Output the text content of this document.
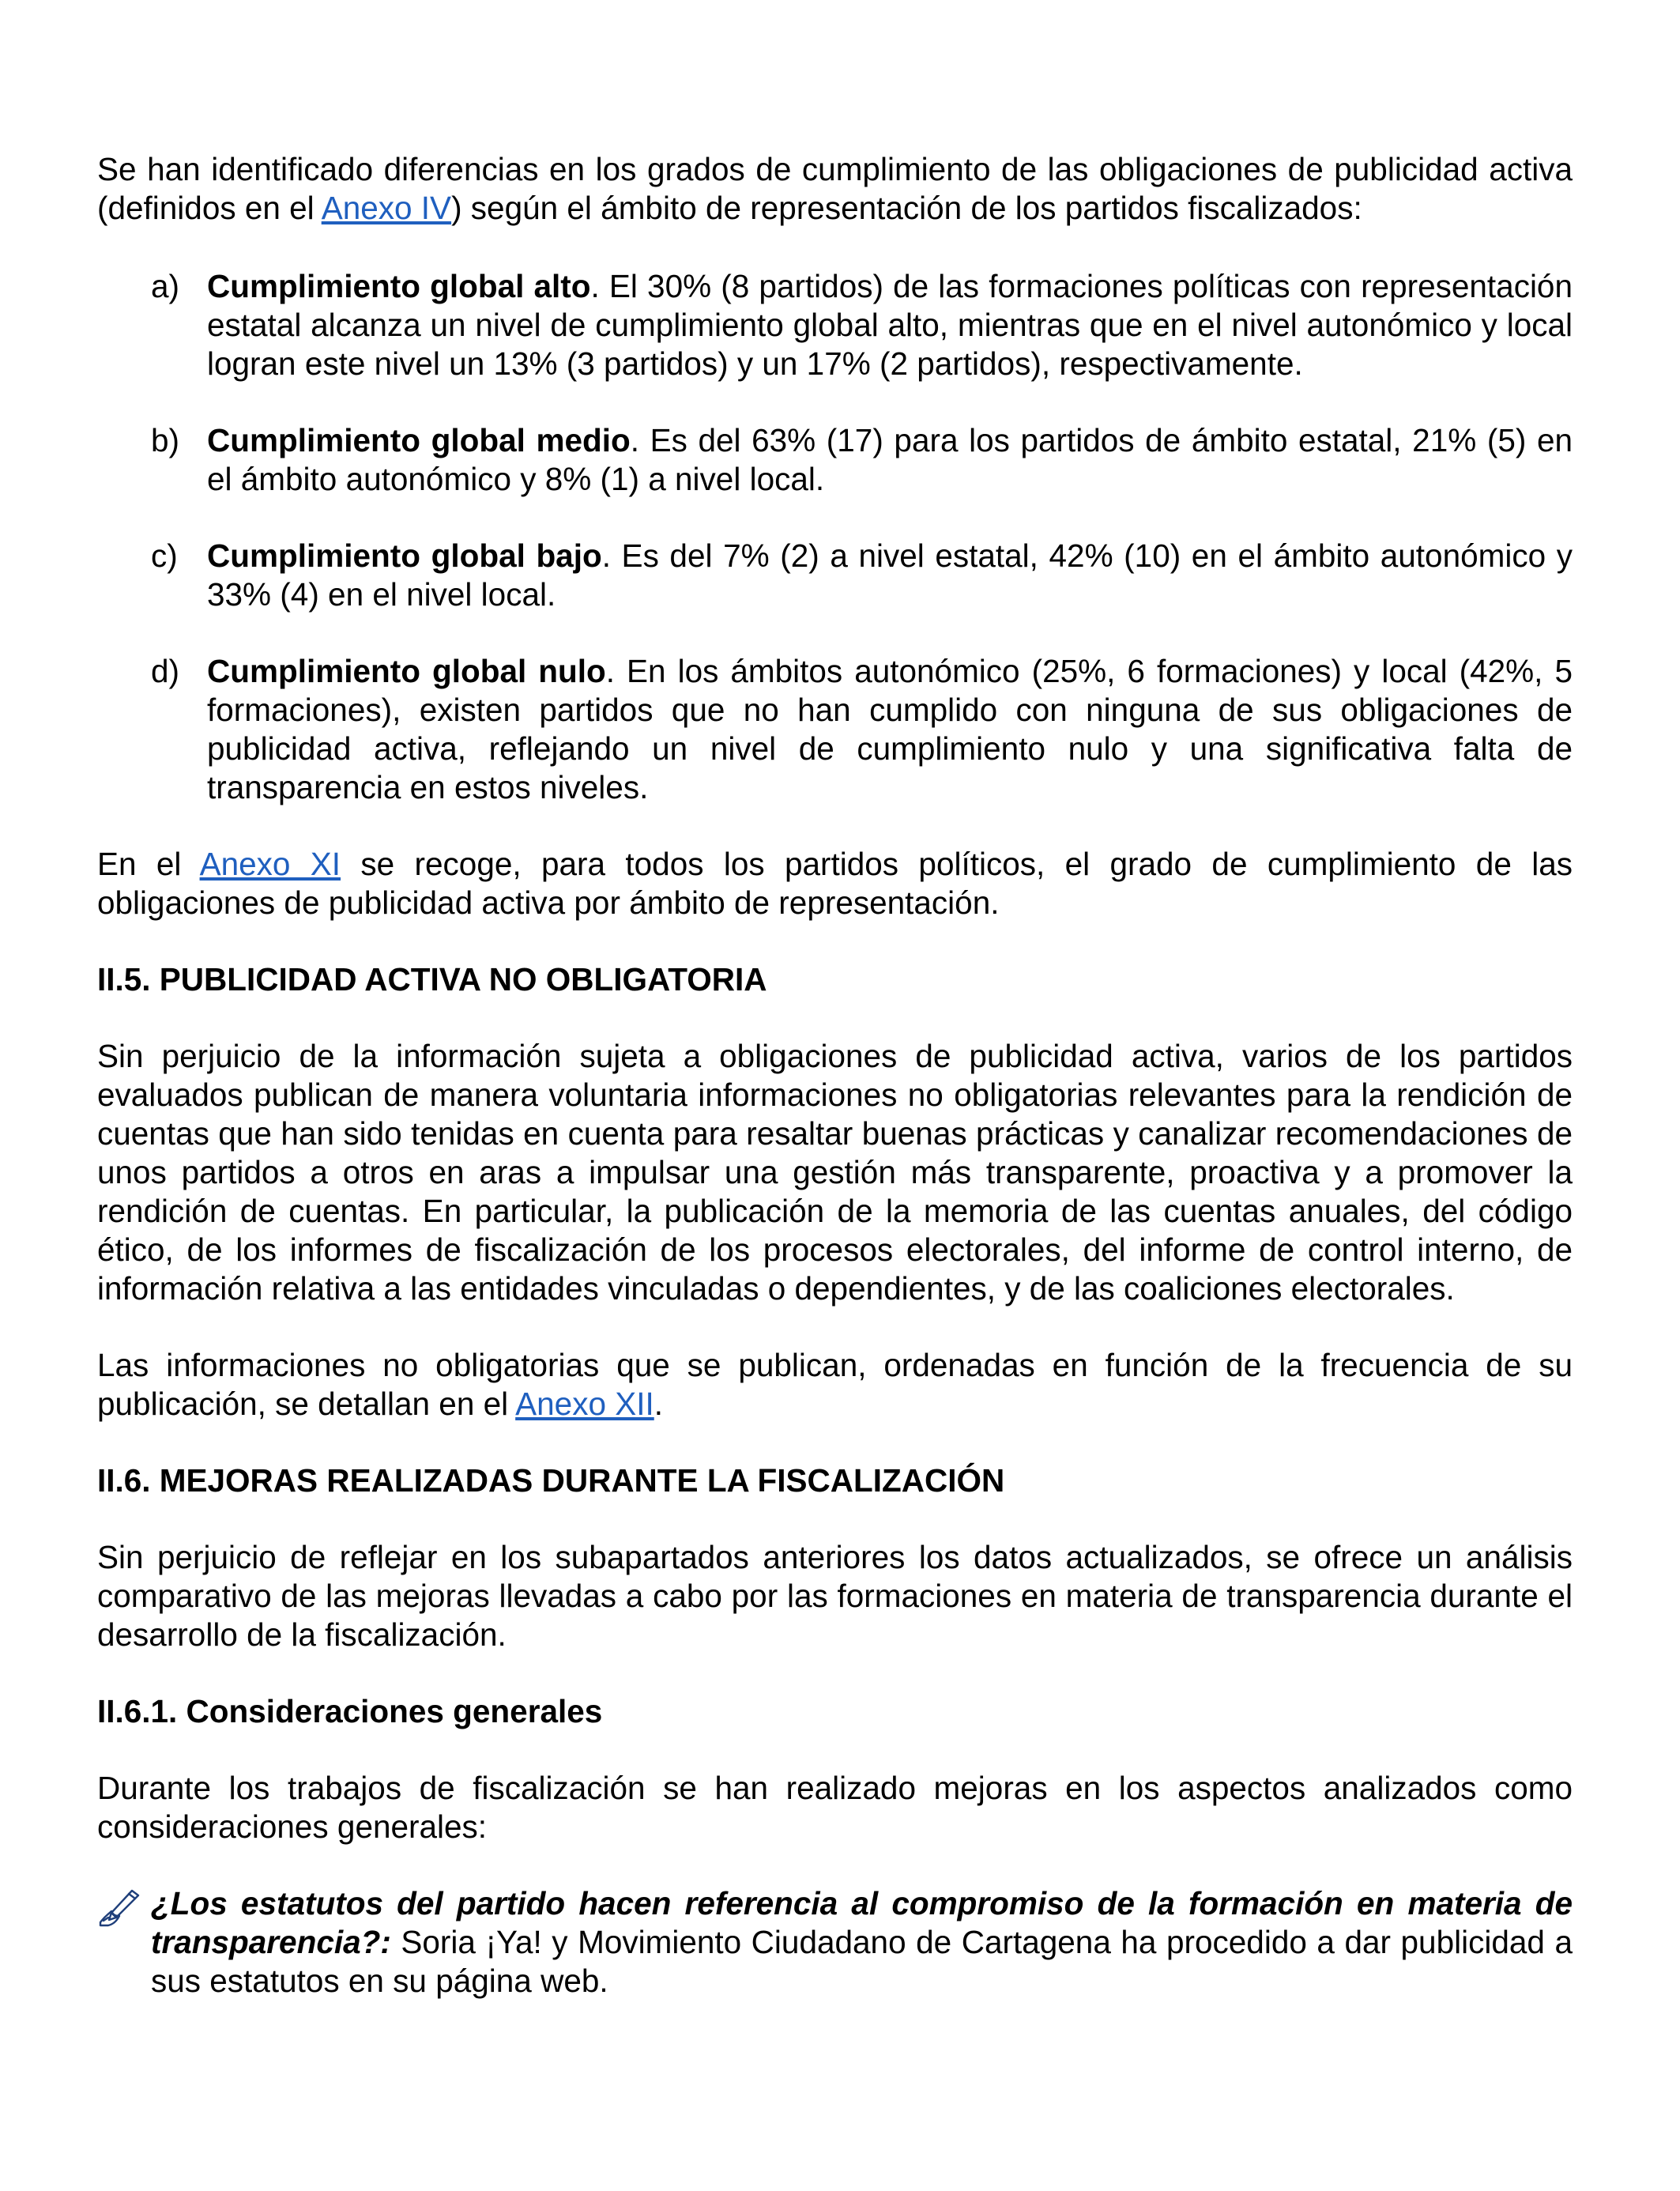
Se han identificado diferencias en los grados de cumplimiento de las obligaciones de publicidad activa (definidos en el Anexo IV) según el ámbito de representación de los partidos fiscalizados:

a) Cumplimiento global alto. El 30% (8 partidos) de las formaciones políticas con representación estatal alcanza un nivel de cumplimiento global alto, mientras que en el nivel autonómico y local logran este nivel un 13% (3 partidos) y un 17% (2 partidos), respectivamente.
b) Cumplimiento global medio. Es del 63% (17) para los partidos de ámbito estatal, 21% (5) en el ámbito autonómico y 8% (1) a nivel local.
c) Cumplimiento global bajo. Es del 7% (2) a nivel estatal, 42% (10) en el ámbito autonómico y 33% (4) en el nivel local.
d) Cumplimiento global nulo. En los ámbitos autonómico (25%, 6 formaciones) y local (42%, 5 formaciones), existen partidos que no han cumplido con ninguna de sus obligaciones de publicidad activa, reflejando un nivel de cumplimiento nulo y una significativa falta de transparencia en estos niveles.

En el Anexo XI se recoge, para todos los partidos políticos, el grado de cumplimiento de las obligaciones de publicidad activa por ámbito de representación.

II.5. PUBLICIDAD ACTIVA NO OBLIGATORIA

Sin perjuicio de la información sujeta a obligaciones de publicidad activa, varios de los partidos evaluados publican de manera voluntaria informaciones no obligatorias relevantes para la rendición de cuentas que han sido tenidas en cuenta para resaltar buenas prácticas y canalizar recomendaciones de unos partidos a otros en aras a impulsar una gestión más transparente, proactiva y a promover la rendición de cuentas. En particular, la publicación de la memoria de las cuentas anuales, del código ético, de los informes de fiscalización de los procesos electorales, del informe de control interno, de información relativa a las entidades vinculadas o dependientes, y de las coaliciones electorales.

Las informaciones no obligatorias que se publican, ordenadas en función de la frecuencia de su publicación, se detallan en el Anexo XII.

II.6. MEJORAS REALIZADAS DURANTE LA FISCALIZACIÓN

Sin perjuicio de reflejar en los subapartados anteriores los datos actualizados, se ofrece un análisis comparativo de las mejoras llevadas a cabo por las formaciones en materia de transparencia durante el desarrollo de la fiscalización.

II.6.1. Consideraciones generales

Durante los trabajos de fiscalización se han realizado mejoras en los aspectos analizados como consideraciones generales:

¿Los estatutos del partido hacen referencia al compromiso de la formación en materia de transparencia?: Soria ¡Ya! y Movimiento Ciudadano de Cartagena ha procedido a dar publicidad a sus estatutos en su página web.
